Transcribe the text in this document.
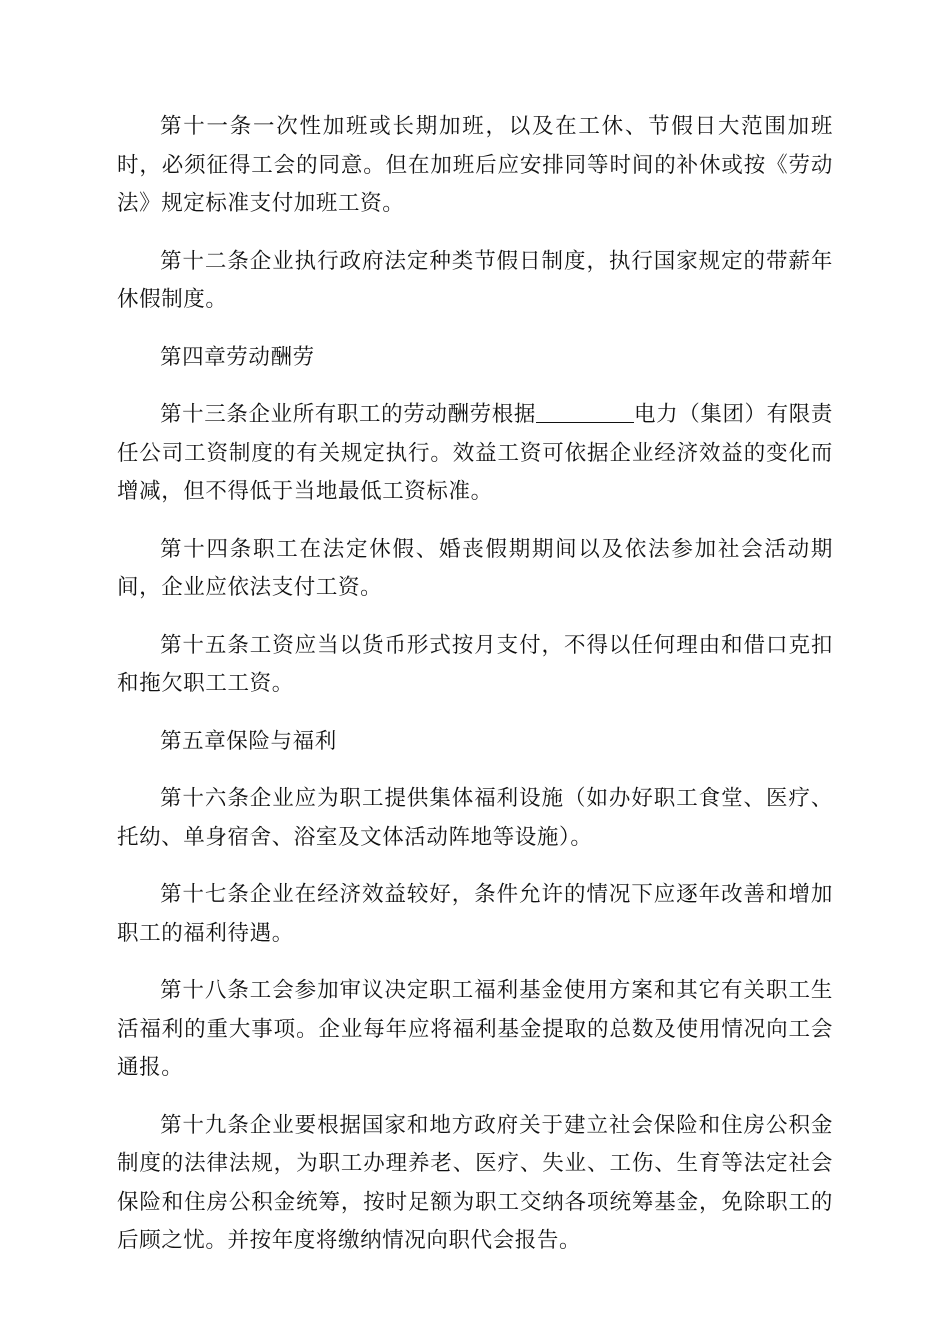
第十一条一次性加班或长期加班，以及在工休、节假日大范围加班时，必须征得工会的同意。但在加班后应安排同等时间的补休或按《劳动法》规定标准支付加班工资。

第十二条企业执行政府法定种类节假日制度，执行国家规定的带薪年休假制度。

第四章劳动酬劳

第十三条企业所有职工的劳动酬劳根据	电力（集团）有限责任公司工资制度的有关规定执行。效益工资可依据企业经济效益的变化而增减，但不得低于当地最低工资标准。

第十四条职工在法定休假、婚丧假期期间以及依法参加社会活动期间，企业应依法支付工资。

第十五条工资应当以货币形式按月支付，不得以任何理由和借口克扣和拖欠职工工资。

第五章保险与福利

第十六条企业应为职工提供集体福利设施（如办好职工食堂、医疗、托幼、单身宿舍、浴室及文体活动阵地等设施）。

第十七条企业在经济效益较好，条件允许的情况下应逐年改善和增加职工的福利待遇。

第十八条工会参加审议决定职工福利基金使用方案和其它有关职工生活福利的重大事项。企业每年应将福利基金提取的总数及使用情况向工会通报。

第十九条企业要根据国家和地方政府关于建立社会保险和住房公积金制度的法律法规，为职工办理养老、医疗、失业、工伤、生育等法定社会保险和住房公积金统筹，按时足额为职工交纳各项统筹基金，免除职工的后顾之忧。并按年度将缴纳情况向职代会报告。
